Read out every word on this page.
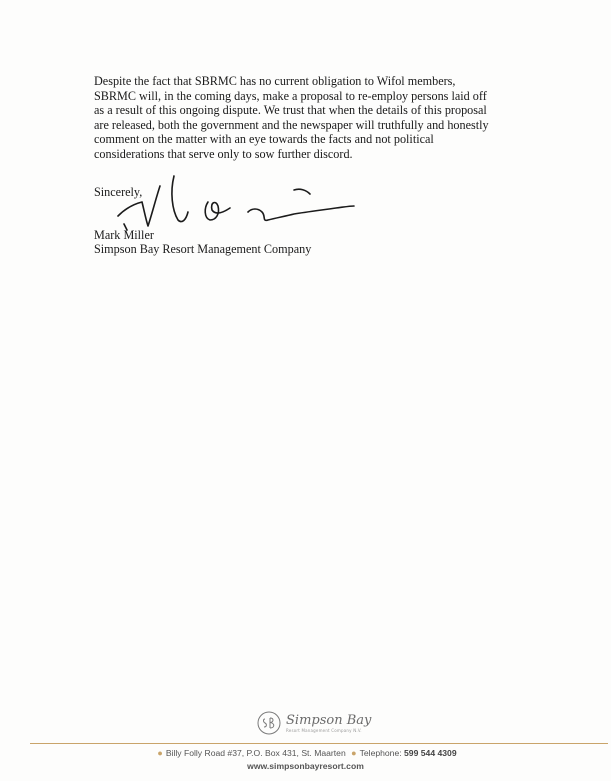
Despite the fact that SBRMC has no current obligation to Wifol members, SBRMC will, in the coming days, make a proposal to re-employ persons laid off as a result of this ongoing dispute. We trust that when the details of this proposal are released, both the government and the newspaper will truthfully and honestly comment on the matter with an eye towards the facts and not political considerations that serve only to sow further discord.

Sincerely,

Mark Miller

Simpson Bay Resort Management Company

Simpson Bay
Resort Management Company N.V.
● Billy Folly Road #37, P.O. Box 431, St. Maarten ● Telephone: 599 544 4309
www.simpsonbayresort.com
